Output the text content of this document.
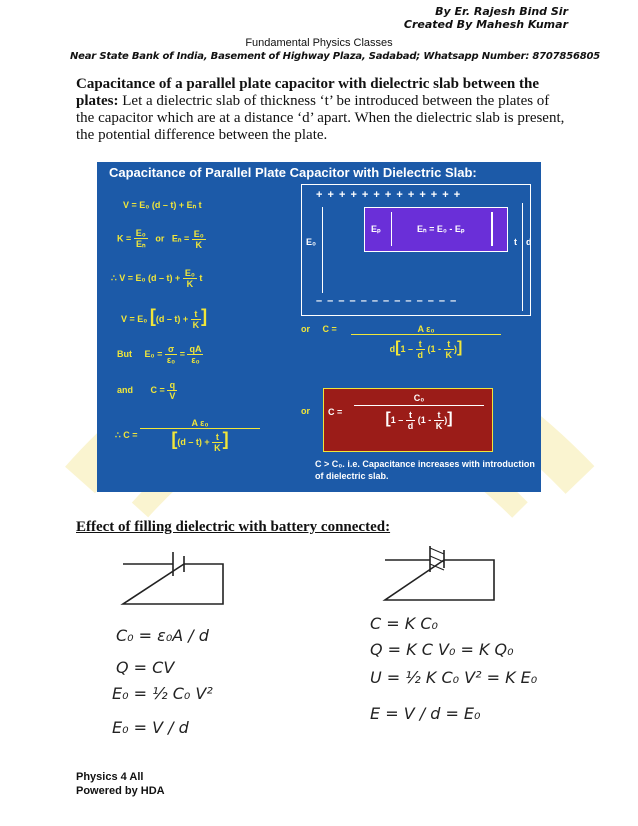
By Er. Rajesh Bind Sir
Created By Mahesh Kumar
Fundamental Physics Classes
Near State Bank of India, Basement of Highway Plaza, Sadabad; Whatsapp Number: 8707856805
Capacitance of a parallel plate capacitor with dielectric slab between the plates: Let a dielectric slab of thickness ‘t’ be introduced between the plates of the capacitor which are at a distance ‘d’ apart. When the dielectric slab is present, the potential difference between the plate.
Capacitance of Parallel Plate Capacitor with Dielectric Slab:
V = E₀ (d – t) + Eₙ t
$K = \frac{\text{E₀}}{\text{Eₙ}}$ or $E_n = \frac{\text{E₀}}{K}$
∴ V = E₀ $(d - t) + \frac{\text{E₀}}{K}$ t
V = E₀ [$(d - t) + \frac{t}{K}$ ]
But $E_0 = \frac{\sigma}{\text{ε₀}} = \frac{qA}{\text{ε₀}}$
and $C = \frac{q}{V}$
∴ $C = \frac{\text{A ε₀}}{[(d - t) + \frac{t}{K} ]}$
+ + + + + + + + + + + + +
Eₚ	Eₙ = E₀ - Eₚ
E₀	t d
– – – – – – – – – – – – –
or C =	A ε₀
$d[1 - \frac{t}{d} (1 - \frac{t}{K}$ )]
or C =
C₀
[$1 - \frac{t}{d} (1 - \frac{t}{K}$ )]
C > C₀. i.e. Capacitance increases with introduction of dielectric slab.
Effect of filling dielectric with battery connected:
C₀ = ε₀A / d
Q = CV
E₀ = ½ C₀ V²
E₀ = V / d
C = K C₀
Q = K C V₀ = K Q₀
U = ½ K C₀ V² = K E₀
E = V / d = E₀
Physics 4 All
Powered by HDA
